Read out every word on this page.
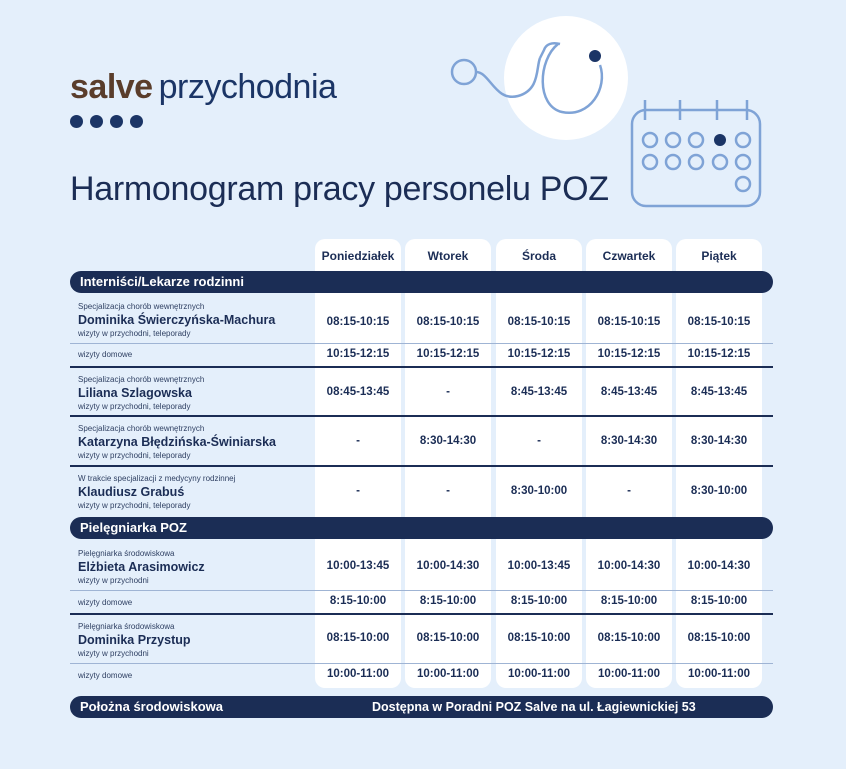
salve przychodnia
Harmonogram pracy personelu POZ
Poniedziałek	Wtorek	Środa	Czwartek	Piątek
Interniści/Lekarze rodzinni
Specjalizacja chorób wewnętrznych
Dominika Świerczyńska-Machura
wizyty w przychodni, teleporady
08:15-10:15	08:15-10:15	08:15-10:15	08:15-10:15	08:15-10:15
wizyty domowe	10:15-12:15	10:15-12:15	10:15-12:15	10:15-12:15	10:15-12:15
Specjalizacja chorób wewnętrznych
Liliana Szlagowska
wizyty w przychodni, teleporady
08:45-13:45	-	8:45-13:45	8:45-13:45	8:45-13:45
Specjalizacja chorób wewnętrznych
Katarzyna Błędzińska-Świniarska
wizyty w przychodni, teleporady
-	8:30-14:30	-	8:30-14:30	8:30-14:30
W trakcie specjalizacji z medycyny rodzinnej
Klaudiusz Grabuś
wizyty w przychodni, teleporady
-	-	8:30-10:00	-	8:30-10:00
Pielęgniarka POZ
Pielęgniarka środowiskowa
Elżbieta Arasimowicz
wizyty w przychodni
10:00-13:45	10:00-14:30	10:00-13:45	10:00-14:30	10:00-14:30
wizyty domowe	8:15-10:00	8:15-10:00	8:15-10:00	8:15-10:00	8:15-10:00
Pielęgniarka środowiskowa
Dominika Przystup
wizyty w przychodni
08:15-10:00	08:15-10:00	08:15-10:00	08:15-10:00	08:15-10:00
wizyty domowe	10:00-11:00	10:00-11:00	10:00-11:00	10:00-11:00	10:00-11:00
Położna środowiskowa	Dostępna w Poradni POZ Salve na ul. Łagiewnickiej 53
